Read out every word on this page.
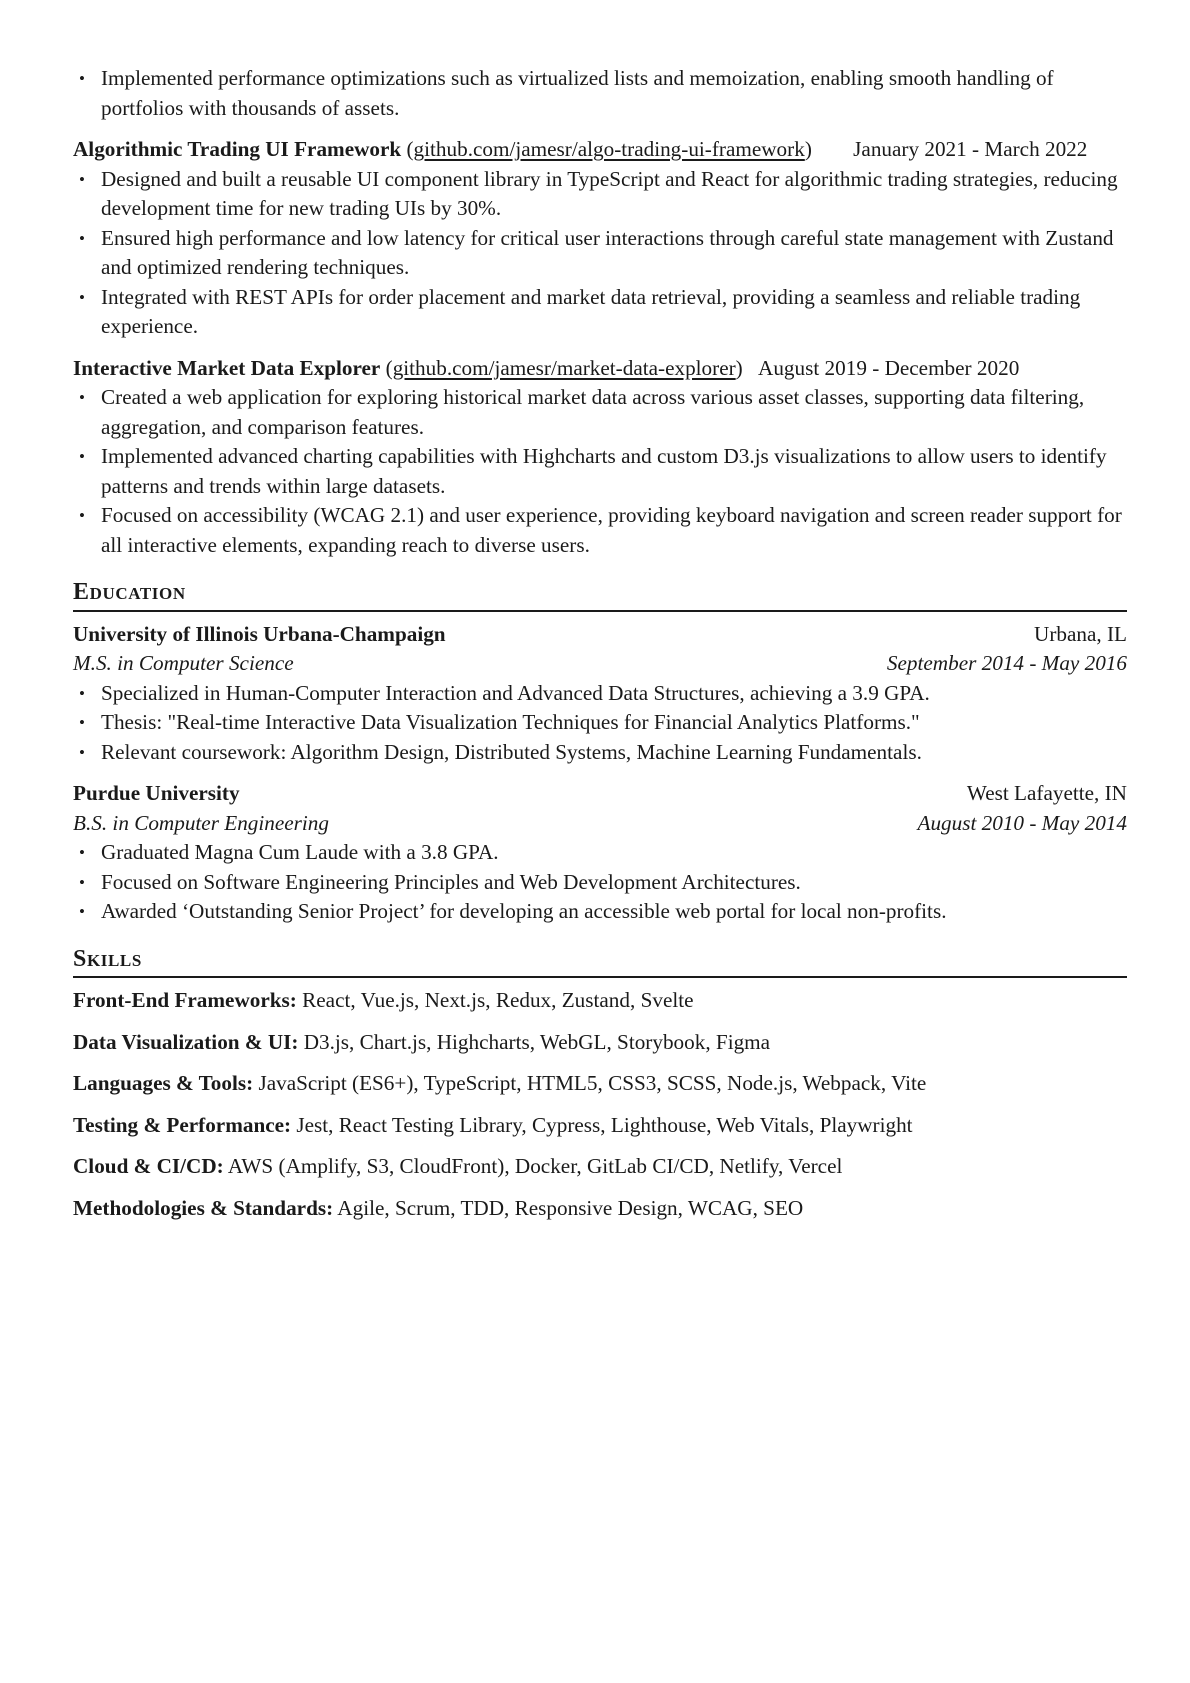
• Implemented performance optimizations such as virtualized lists and memoization, enabling smooth handling of portfolios with thousands of assets.
Algorithmic Trading UI Framework (github.com/jamesr/algo-trading-ui-framework) January 2021 - March 2022
• Designed and built a reusable UI component library in TypeScript and React for algorithmic trading strategies, reducing development time for new trading UIs by 30%.
• Ensured high performance and low latency for critical user interactions through careful state management with Zustand and optimized rendering techniques.
• Integrated with REST APIs for order placement and market data retrieval, providing a seamless and reliable trading experience.
Interactive Market Data Explorer (github.com/jamesr/market-data-explorer) August 2019 - December 2020
• Created a web application for exploring historical market data across various asset classes, supporting data filtering, aggregation, and comparison features.
• Implemented advanced charting capabilities with Highcharts and custom D3.js visualizations to allow users to identify patterns and trends within large datasets.
• Focused on accessibility (WCAG 2.1) and user experience, providing keyboard navigation and screen reader support for all interactive elements, expanding reach to diverse users.
Education
University of Illinois Urbana-Champaign	Urbana, IL
M.S. in Computer Science	September 2014 - May 2016
• Specialized in Human-Computer Interaction and Advanced Data Structures, achieving a 3.9 GPA.
• Thesis: "Real-time Interactive Data Visualization Techniques for Financial Analytics Platforms."
• Relevant coursework: Algorithm Design, Distributed Systems, Machine Learning Fundamentals.
Purdue University	West Lafayette, IN
B.S. in Computer Engineering	August 2010 - May 2014
• Graduated Magna Cum Laude with a 3.8 GPA.
• Focused on Software Engineering Principles and Web Development Architectures.
• Awarded ‘Outstanding Senior Project’ for developing an accessible web portal for local non-profits.
Skills
Front-End Frameworks: React, Vue.js, Next.js, Redux, Zustand, Svelte
Data Visualization & UI: D3.js, Chart.js, Highcharts, WebGL, Storybook, Figma
Languages & Tools: JavaScript (ES6+), TypeScript, HTML5, CSS3, SCSS, Node.js, Webpack, Vite
Testing & Performance: Jest, React Testing Library, Cypress, Lighthouse, Web Vitals, Playwright
Cloud & CI/CD: AWS (Amplify, S3, CloudFront), Docker, GitLab CI/CD, Netlify, Vercel
Methodologies & Standards: Agile, Scrum, TDD, Responsive Design, WCAG, SEO
